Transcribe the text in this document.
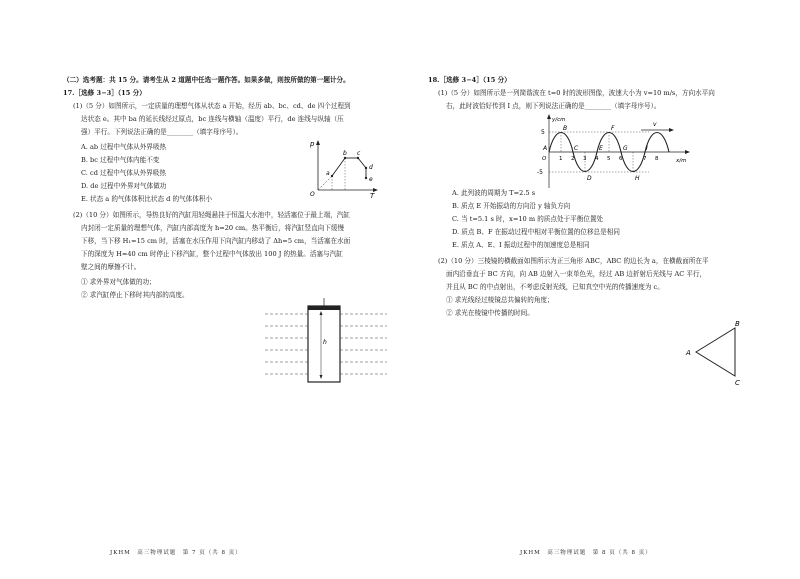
（二）选考题：共 15 分。请考生从 2 道题中任选一题作答。如果多做，则按所做的第一题计分。
17.［选修 3−3］（15 分）
(1)（5 分）如图所示，一定质量的理想气体从状态 a 开始，经历 ab、bc、cd、de 四个过程到
达状态 e。其中 ba 的延长线经过原点，bc 连线与横轴（温度）平行，de 连线与纵轴（压
强）平行。下列说法正确的是________（填字母序号）。
A. ab 过程中气体从外界吸热
B. bc 过程中气体内能不变
C. cd 过程中气体从外界吸热
D. de 过程中外界对气体做功
E. 状态 a 的气体体积比状态 d 的气体体积小
p
T
O
a
b c
d
e
(2)（10 分）如图所示，导热良好的汽缸用轻绳悬挂于恒温大水池中，轻活塞位于最上端，汽缸
内封闭一定质量的理想气体，汽缸内部高度为 h=20 cm。热平衡后，将汽缸竖直向下缓慢
下移，当下移 H₁=15 cm 时，活塞在水压作用下向汽缸内移动了 Δh=5 cm，当活塞在水面
下的深度为 H=40 cm 时停止下移汽缸，整个过程中气体放出 100 J 的热量。活塞与汽缸
壁之间的摩擦不计。
① 求外界对气体做的功；
② 求汽缸停止下移时其内部的高度。
h
JKHM　高三物理试题　第 7 页（共 8 页）
18.［选修 3−4］（15 分）
(1)（5 分）如图所示是一列简谐波在 t=0 时的波形图像，波速大小为 v=10 m/s，方向水平向
右，此时波恰好传到 I 点，则下列说法正确的是________（填字母序号）。
v
y/cm
x/m
5
-5
O 1 2 3 4 5 6	7 8
A
B
C
D
E
F
G
H
I
A. 此列波的周期为 T=2.5 s
B. 质点 E 开始振动的方向沿 y 轴负方向
C. 当 t=5.1 s 时，x=10 m 的质点处于平衡位置处
D. 质点 B、F 在振动过程中相对平衡位置的位移总是相同
E. 质点 A、E、I 振动过程中的加速度总是相同
(2)（10 分）三棱镜的横截面如图所示为正三角形 ABC，ABC 的边长为 a，在横截面所在平
面内沿垂直于 BC 方向，向 AB 边射入一束单色光，经过 AB 边折射后光线与 AC 平行，
并且从 BC 的中点射出，不考虑反射光线，已知真空中光的传播速度为 c。
① 求光线经过棱镜总共偏转的角度；
② 求光在棱镜中传播的时间。
A
B
C
JKHM　高三物理试题　第 8 页（共 8 页）
